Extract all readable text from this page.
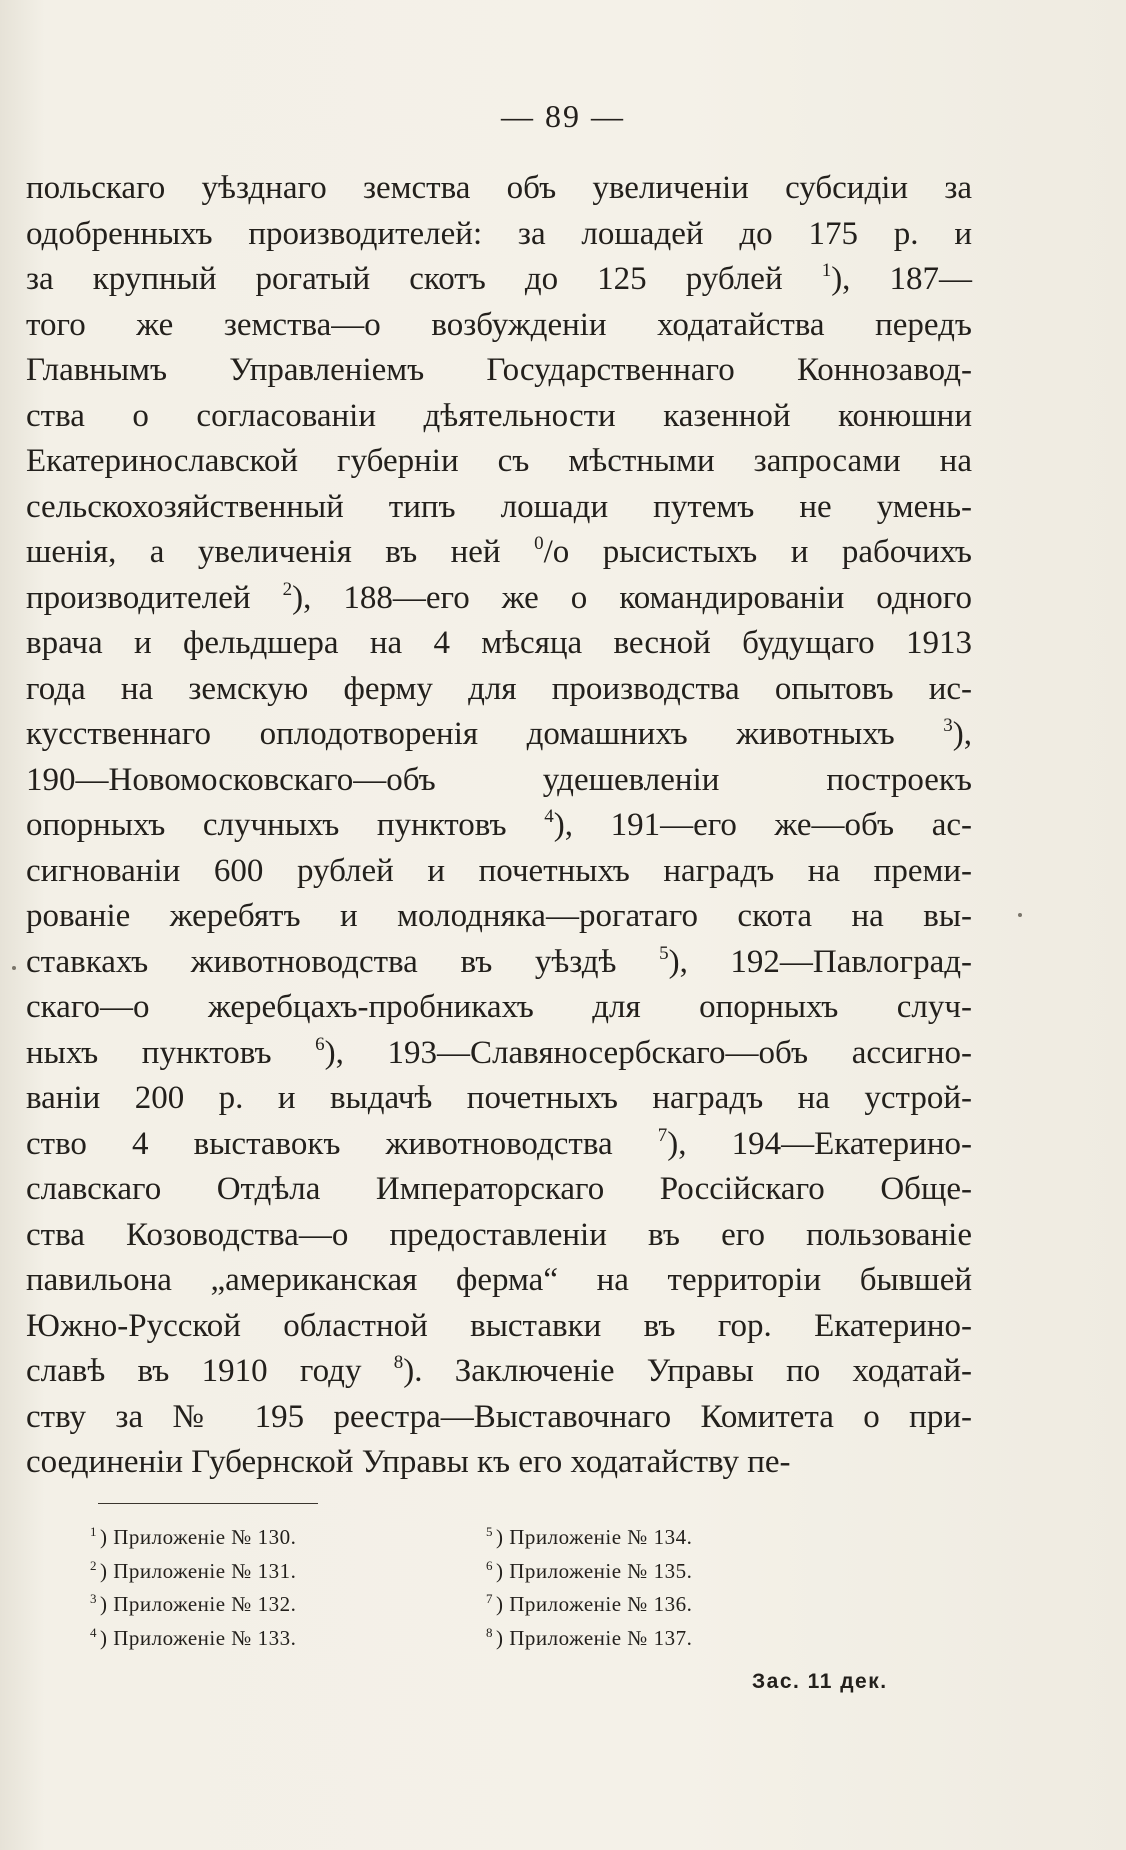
— 89 —
польскаго уѣзднаго земства объ увеличеніи субсидіи за
одобренныхъ производителей: за лошадей до 175 р. и
за крупный рогатый скотъ до 125 рублей $^1$), 187—
того же земства—о возбужденіи ходатайства передъ
Главнымъ Управленіемъ Государственнаго Коннозавод-
ства о согласованіи дѣятельности казенной конюшни
Екатеринославской губерніи съ мѣстными запросами на
сельскохозяйственный типъ лошади путемъ не умень-
шенія, а увеличенія въ ней $^0$/о рысистыхъ и рабочихъ
производителей $^2$), 188—его же о командированіи одного
врача и фельдшера на 4 мѣсяца весной будущаго 1913
года на земскую ферму для производства опытовъ ис-
кусственнаго оплодотворенія домашнихъ животныхъ $^3$),
190—Новомосковскаго—объ удешевленіи построекъ
опорныхъ случныхъ пунктовъ $^4$), 191—его же—объ ас-
сигнованіи 600 рублей и почетныхъ наградъ на преми-
рованіе жеребятъ и молодняка—рогатаго скота на вы-
ставкахъ животноводства въ уѣздѣ $^5$), 192—Павлоград-
скаго—о жеребцахъ-пробникахъ для опорныхъ случ-
ныхъ пунктовъ $^6$), 193—Славяносербскаго—объ ассигно-
ваніи 200 р. и выдачѣ почетныхъ наградъ на устрой-
ство 4 выставокъ животноводства $^7$), 194—Екатерино-
славскаго Отдѣла Императорскаго Россійскаго Обще-
ства Козоводства—о предоставленіи въ его пользованіе
павильона „американская ферма“ на территоріи бывшей
Южно-Русской областной выставки въ гор. Екатерино-
славѣ въ 1910 году $^8$). Заключеніе Управы по ходатай-
ству за № 195 реестра—Выставочнаго Комитета о при-
соединеніи Губернской Управы къ его ходатайству пе-
$^1$ ) Приложеніе № 130.
$^2$ ) Приложеніе № 131.
$^3$ ) Приложеніе № 132.
$^4$ ) Приложеніе № 133.
$^5$ ) Приложеніе № 134.
$^6$ ) Приложеніе № 135.
$^7$ ) Приложеніе № 136.
$^8$ ) Приложеніе № 137.
Зас. 11 дек.
